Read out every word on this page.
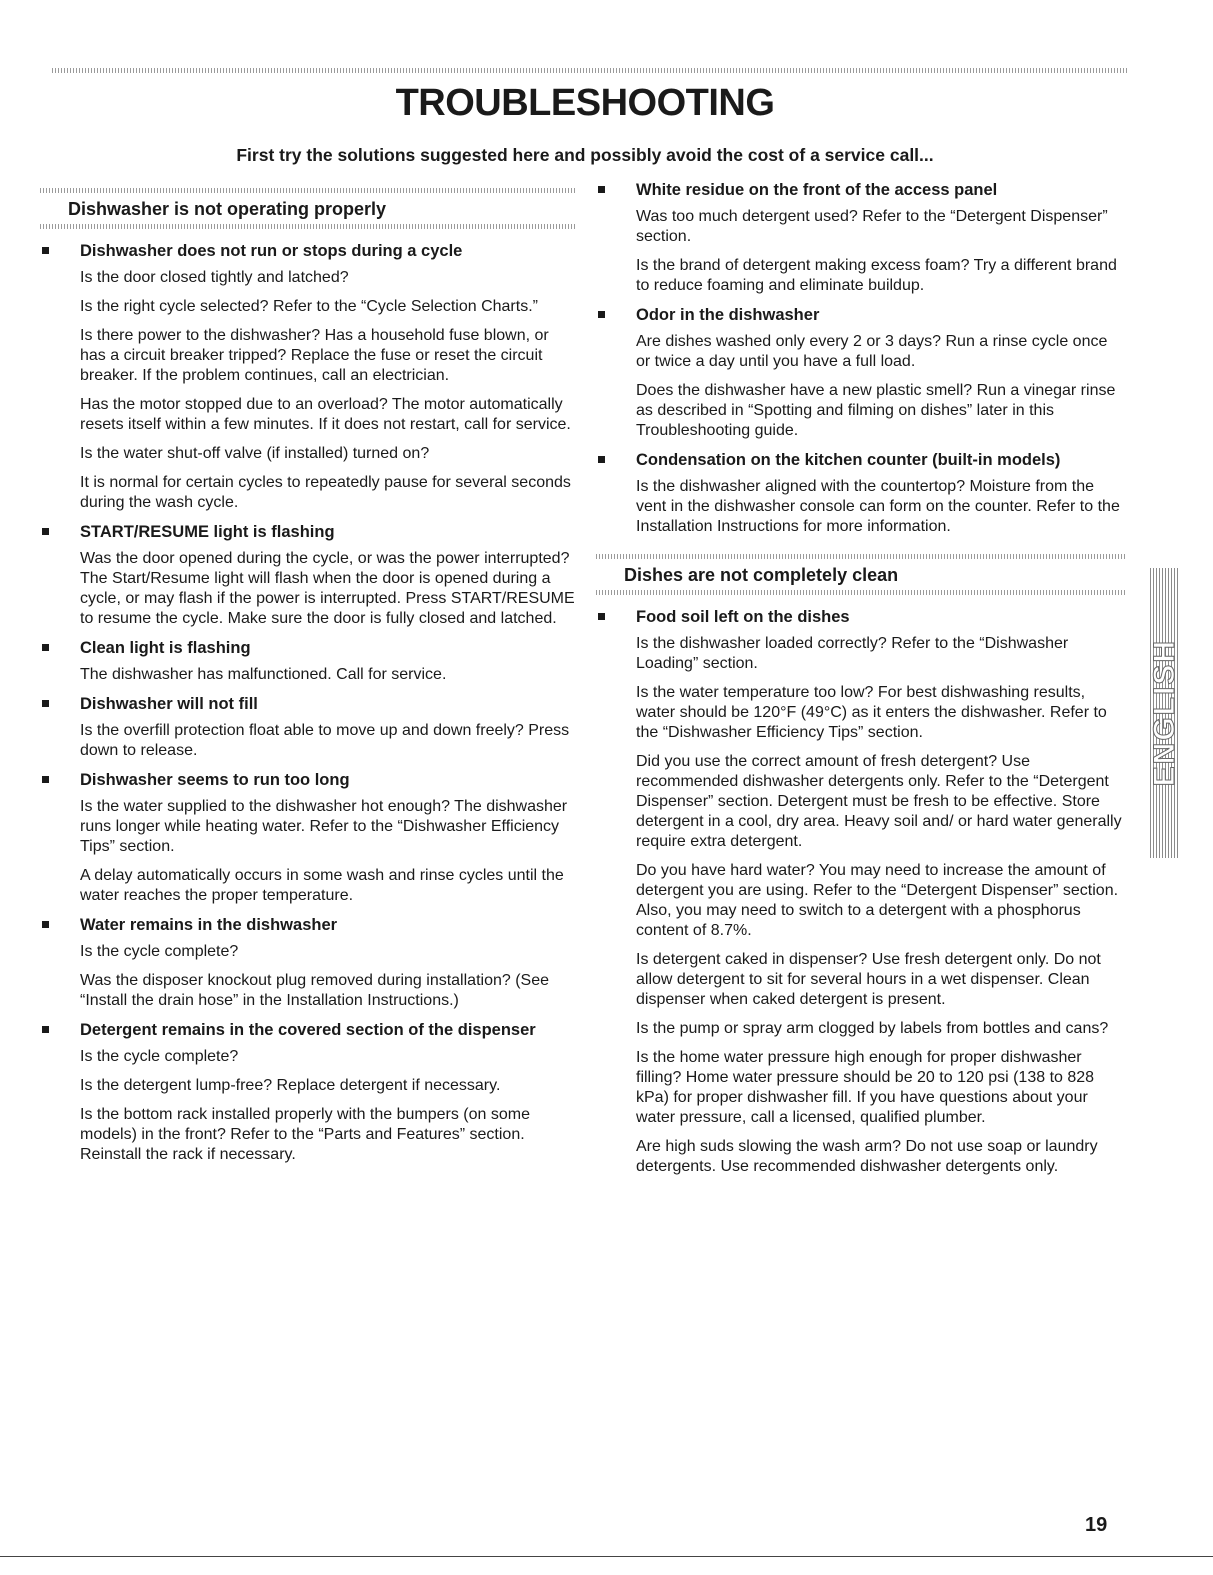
TROUBLESHOOTING

First try the solutions suggested here and possibly avoid the cost of a service call...

Dishwasher is not operating properly
Dishwasher does not run or stops during a cycle

Is the door closed tightly and latched?

Is the right cycle selected? Refer to the “Cycle Selection Charts.”

Is there power to the dishwasher? Has a household fuse blown, or has a circuit breaker tripped? Replace the fuse or reset the circuit breaker. If the problem continues, call an electrician.

Has the motor stopped due to an overload? The motor automatically resets itself within a few minutes. If it does not restart, call for service.

Is the water shut-off valve (if installed) turned on?

It is normal for certain cycles to repeatedly pause for several seconds during the wash cycle.

START/RESUME light is flashing

Was the door opened during the cycle, or was the power interrupted? The Start/Resume light will flash when the door is opened during a cycle, or may flash if the power is interrupted. Press START/RESUME to resume the cycle. Make sure the door is fully closed and latched.

Clean light is flashing

The dishwasher has malfunctioned. Call for service.

Dishwasher will not fill

Is the overfill protection float able to move up and down freely? Press down to release.

Dishwasher seems to run too long

Is the water supplied to the dishwasher hot enough? The dishwasher runs longer while heating water. Refer to the “Dishwasher Efficiency Tips” section.

A delay automatically occurs in some wash and rinse cycles until the water reaches the proper temperature.

Water remains in the dishwasher

Is the cycle complete?

Was the disposer knockout plug removed during installation? (See “Install the drain hose” in the Installation Instructions.)

Detergent remains in the covered section of the dispenser

Is the cycle complete?

Is the detergent lump-free? Replace detergent if necessary.

Is the bottom rack installed properly with the bumpers (on some models) in the front? Refer to the “Parts and Features” section. Reinstall the rack if necessary.

White residue on the front of the access panel

Was too much detergent used? Refer to the “Detergent Dispenser” section.

Is the brand of detergent making excess foam? Try a different brand to reduce foaming and eliminate buildup.

Odor in the dishwasher

Are dishes washed only every 2 or 3 days? Run a rinse cycle once or twice a day until you have a full load.

Does the dishwasher have a new plastic smell? Run a vinegar rinse as described in “Spotting and filming on dishes” later in this Troubleshooting guide.

Condensation on the kitchen counter (built-in models)

Is the dishwasher aligned with the countertop? Moisture from the vent in the dishwasher console can form on the counter. Refer to the Installation Instructions for more information.

Dishes are not completely clean
Food soil left on the dishes

Is the dishwasher loaded correctly? Refer to the “Dishwasher Loading” section.

Is the water temperature too low? For best dishwashing results, water should be 120°F (49°C) as it enters the dishwasher. Refer to the “Dishwasher Efficiency Tips” section.

Did you use the correct amount of fresh detergent? Use recommended dishwasher detergents only. Refer to the “Detergent Dispenser” section. Detergent must be fresh to be effective. Store detergent in a cool, dry area. Heavy soil and/ or hard water generally require extra detergent.

Do you have hard water? You may need to increase the amount of detergent you are using. Refer to the “Detergent Dispenser” section. Also, you may need to switch to a detergent with a phosphorus content of 8.7%.

Is detergent caked in dispenser? Use fresh detergent only. Do not allow detergent to sit for several hours in a wet dispenser. Clean dispenser when caked detergent is present.

Is the pump or spray arm clogged by labels from bottles and cans?

Is the home water pressure high enough for proper dishwasher filling? Home water pressure should be 20 to 120 psi (138 to 828 kPa) for proper dishwasher fill. If you have questions about your water pressure, call a licensed, qualified plumber.

Are high suds slowing the wash arm? Do not use soap or laundry detergents. Use recommended dishwasher detergents only.

ENGLISH
19
